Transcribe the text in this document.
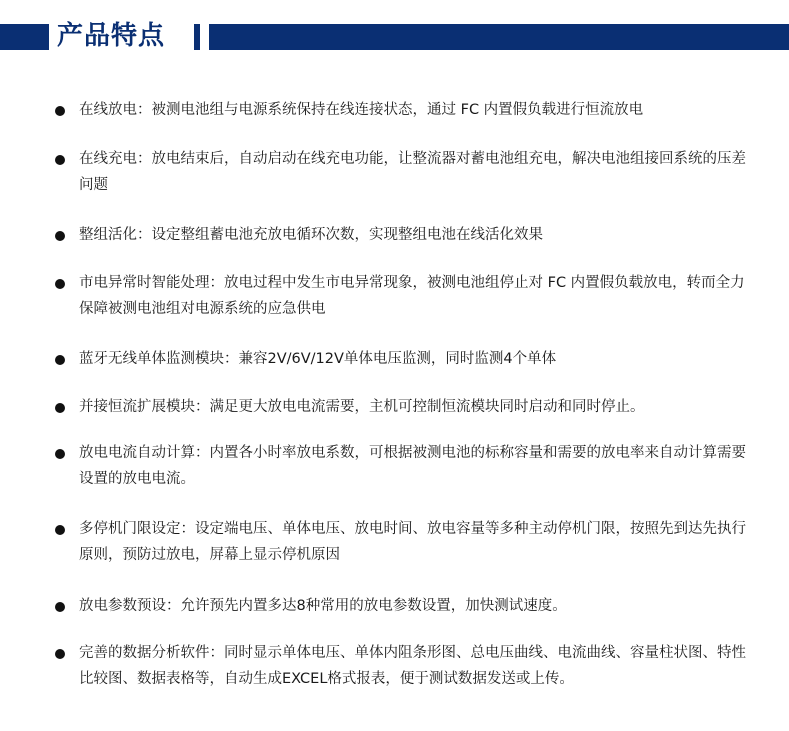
产品特点

在线放电：被测电池组与电源系统保持在线连接状态，通过 FC 内置假负载进行恒流放电

在线充电：放电结束后，自动启动在线充电功能，让整流器对蓄电池组充电，解决电池组接回系统的压差问题

整组活化：设定整组蓄电池充放电循环次数，实现整组电池在线活化效果

市电异常时智能处理：放电过程中发生市电异常现象，被测电池组停止对 FC 内置假负载放电，转而全力保障被测电池组对电源系统的应急供电

蓝牙无线单体监测模块：兼容2V/6V/12V单体电压监测，同时监测4个单体

并接恒流扩展模块：满足更大放电电流需要，主机可控制恒流模块同时启动和同时停止。

放电电流自动计算：内置各小时率放电系数，可根据被测电池的标称容量和需要的放电率来自动计算需要设置的放电电流。

多停机门限设定：设定端电压、单体电压、放电时间、放电容量等多种主动停机门限，按照先到达先执行原则，预防过放电，屏幕上显示停机原因

放电参数预设：允许预先内置多达8种常用的放电参数设置，加快测试速度。

完善的数据分析软件：同时显示单体电压、单体内阻条形图、总电压曲线、电流曲线、容量柱状图、特性比较图、数据表格等，自动生成EXCEL格式报表，便于测试数据发送或上传。
